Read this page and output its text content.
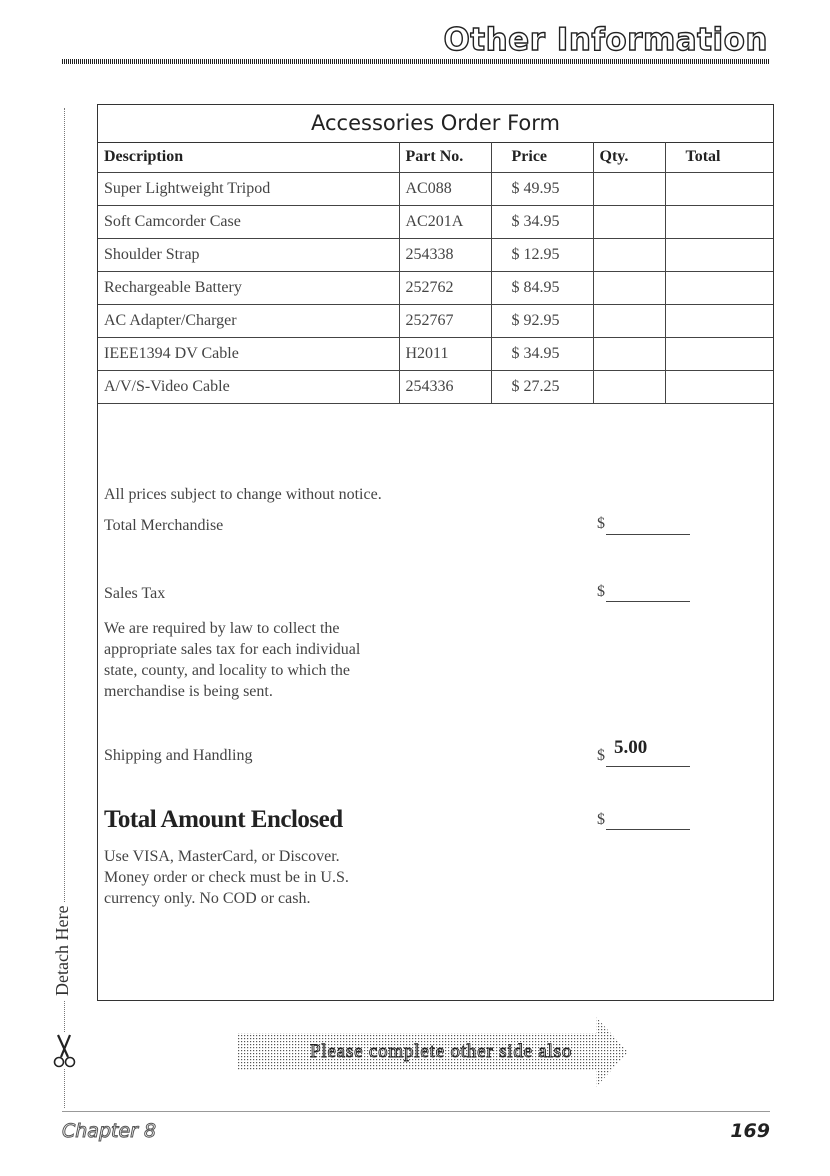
Other Information
Detach Here
Accessories Order Form
Description	Part No.	Price	Qty.	Total
Super Lightweight Tripod	AC088	$ 49.95		
Soft Camcorder Case	AC201A	$ 34.95		
Shoulder Strap	254338	$ 12.95		
Rechargeable Battery	252762	$ 84.95		
AC Adapter/Charger	252767	$ 92.95		
IEEE1394 DV Cable	H2011	$ 34.95		
A/V/S-Video Cable	254336	$ 27.25		
All prices subject to change without notice.
Total Merchandise	$
Sales Tax	$
We are required by law to collect the
appropriate sales tax for each individual
state, county, and locality to which the
merchandise is being sent.
Shipping and Handling	$ 5.00
Total Amount Enclosed	$
Use VISA, MasterCard, or Discover.
Money order or check must be in U.S.
currency only. No COD or cash.
Please complete other side also
Chapter 8	169
